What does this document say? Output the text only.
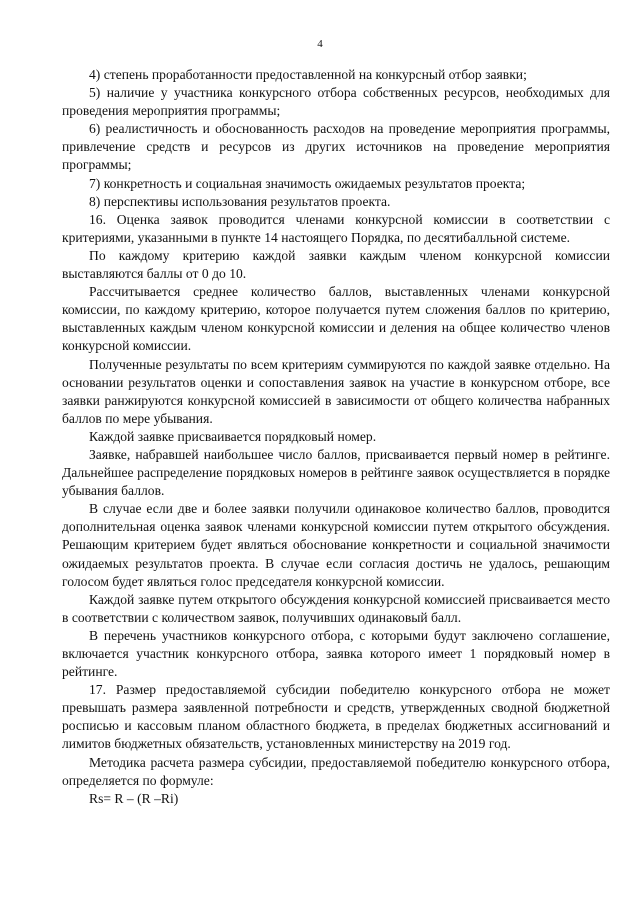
4

4) степень проработанности предоставленной на конкурсный отбор заявки;

5) наличие у участника конкурсного отбора собственных ресурсов, необходимых для проведения мероприятия программы;

6) реалистичность и обоснованность расходов на проведение мероприятия программы, привлечение средств и ресурсов из других источников на проведение мероприятия программы;

7) конкретность и социальная значимость ожидаемых результатов проекта;

8) перспективы использования результатов проекта.

16. Оценка заявок проводится членами конкурсной комиссии в соответствии с критериями, указанными в пункте 14 настоящего Порядка, по десятибалльной системе.

По каждому критерию каждой заявки каждым членом конкурсной комиссии выставляются баллы от 0 до 10.

Рассчитывается среднее количество баллов, выставленных членами конкурсной комиссии, по каждому критерию, которое получается путем сложения баллов по критерию, выставленных каждым членом конкурсной комиссии и деления на общее количество членов конкурсной комиссии.

Полученные результаты по всем критериям суммируются по каждой заявке отдельно. На основании результатов оценки и сопоставления заявок на участие в конкурсном отборе, все заявки ранжируются конкурсной комиссией в зависимости от общего количества набранных баллов по мере убывания.

Каждой заявке присваивается порядковый номер.

Заявке, набравшей наибольшее число баллов, присваивается первый номер в рейтинге. Дальнейшее распределение порядковых номеров в рейтинге заявок осуществляется в порядке убывания баллов.

В случае если две и более заявки получили одинаковое количество баллов, проводится дополнительная оценка заявок членами конкурсной комиссии путем открытого обсуждения. Решающим критерием будет являться обоснование конкретности и социальной значимости ожидаемых результатов проекта. В случае если согласия достичь не удалось, решающим голосом будет являться голос председателя конкурсной комиссии.

Каждой заявке путем открытого обсуждения конкурсной комиссией присваивается место в соответствии с количеством заявок, получивших одинаковый балл.

В перечень участников конкурсного отбора, с которыми будут заключено соглашение, включается участник конкурсного отбора, заявка которого имеет 1 порядковый номер в рейтинге.

17. Размер предоставляемой субсидии победителю конкурсного отбора не может превышать размера заявленной потребности и средств, утвержденных сводной бюджетной росписью и кассовым планом областного бюджета, в пределах бюджетных ассигнований и лимитов бюджетных обязательств, установленных министерству на 2019 год.

Методика расчета размера субсидии, предоставляемой победителю конкурсного отбора, определяется по формуле:

Rs= R – (R –Ri)
